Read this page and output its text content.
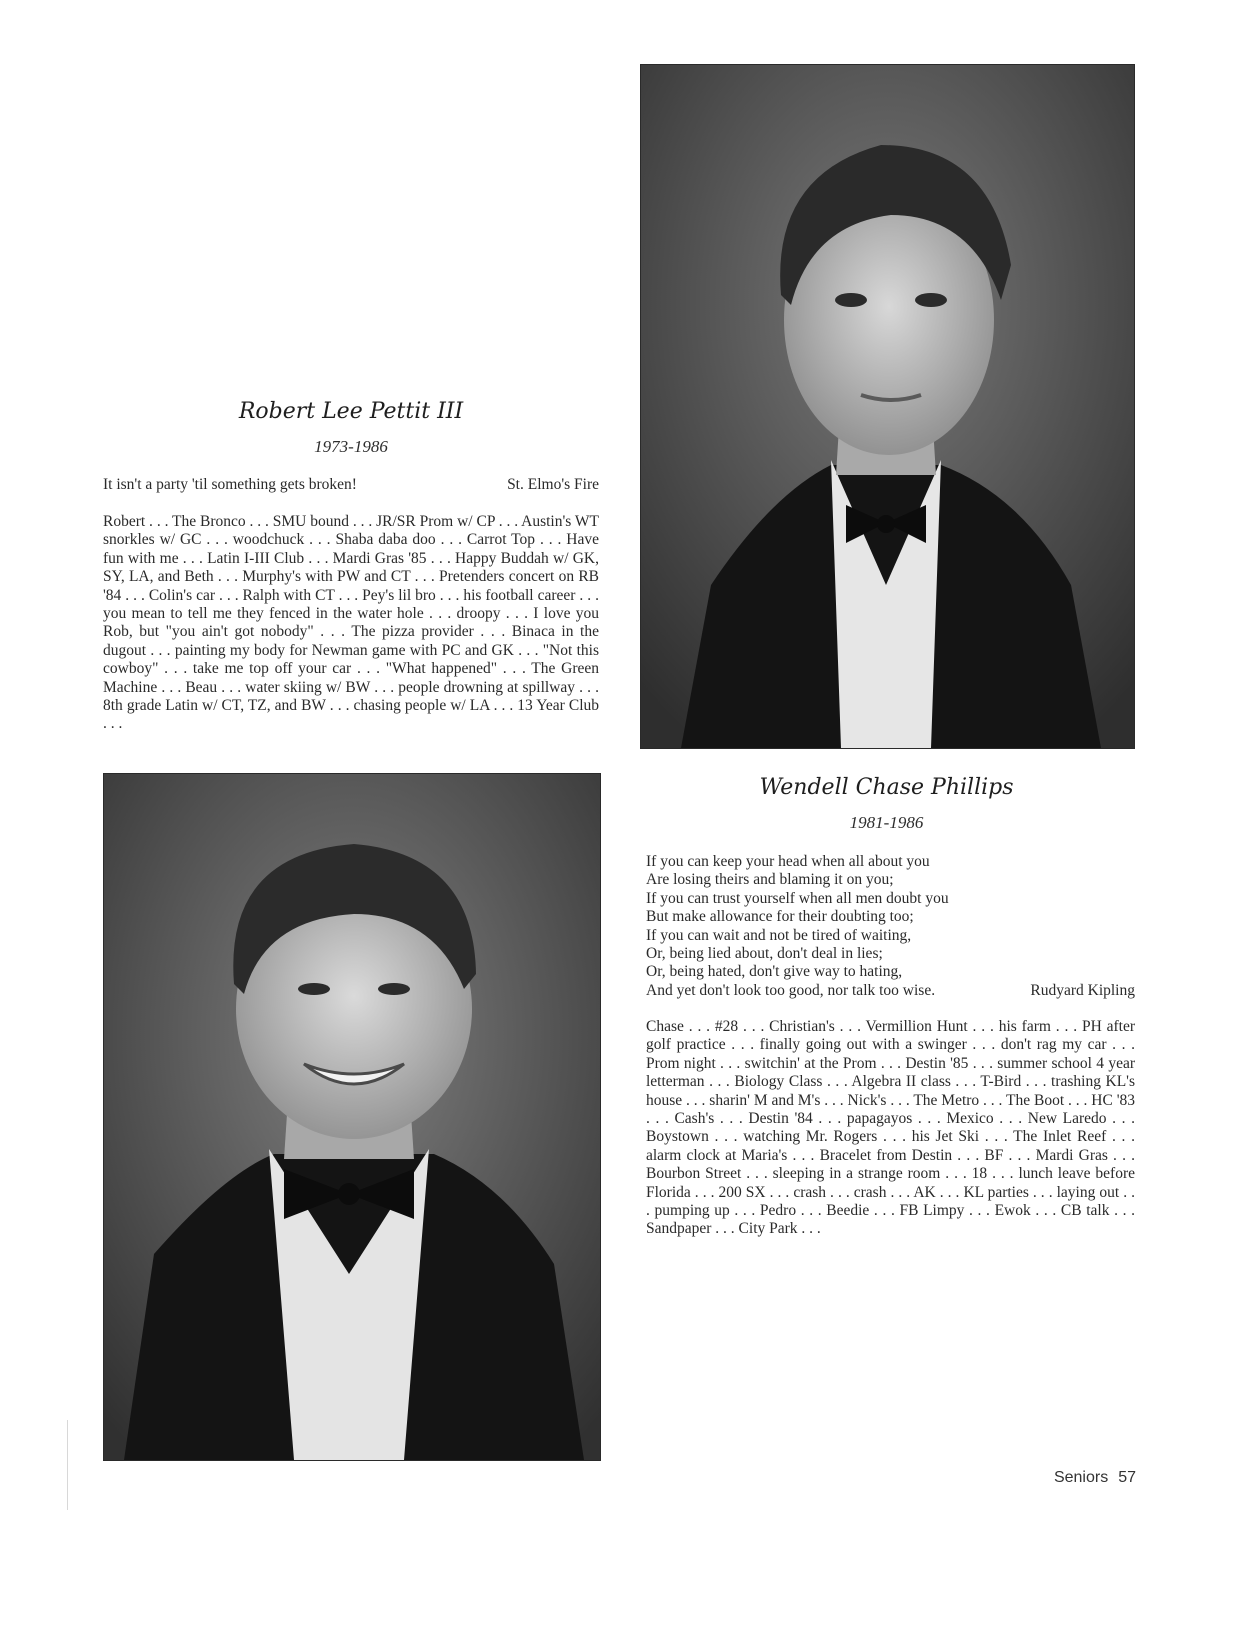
Robert Lee Pettit III
1973-1986
It isn't a party 'til something gets broken!	St. Elmo's Fire
Robert . . . The Bronco . . . SMU bound . . . JR/SR Prom w/ CP . . . Austin's WT snorkles w/ GC . . . woodchuck . . . Shaba daba doo . . . Carrot Top . . . Have fun with me . . . Latin I-III Club . . . Mardi Gras '85 . . . Happy Buddah w/ GK, SY, LA, and Beth . . . Murphy's with PW and CT . . . Pretenders concert on RB '84 . . . Colin's car . . . Ralph with CT . . . Pey's lil bro . . . his football career . . . you mean to tell me they fenced in the water hole . . . droopy . . . I love you Rob, but "you ain't got nobody" . . . The pizza provider . . . Binaca in the dugout . . . painting my body for Newman game with PC and GK . . . "Not this cowboy" . . . take me top off your car . . . "What happened" . . . The Green Machine . . . Beau . . . water skiing w/ BW . . . people drowning at spillway . . . 8th grade Latin w/ CT, TZ, and BW . . . chasing people w/ LA . . . 13 Year Club . . .
Wendell Chase Phillips
1981-1986
If you can keep your head when all about you
Are losing theirs and blaming it on you;
If you can trust yourself when all men doubt you
But make allowance for their doubting too;
If you can wait and not be tired of waiting,
Or, being lied about, don't deal in lies;
Or, being hated, don't give way to hating,
And yet don't look too good, nor talk too wise.	Rudyard Kipling
Chase . . . #28 . . . Christian's . . . Vermillion Hunt . . . his farm . . . PH after golf practice . . . finally going out with a swinger . . . don't rag my car . . . Prom night . . . switchin' at the Prom . . . Destin '85 . . . summer school 4 year letterman . . . Biology Class . . . Algebra II class . . . T-Bird . . . trashing KL's house . . . sharin' M and M's . . . Nick's . . . The Metro . . . The Boot . . . HC '83 . . . Cash's . . . Destin '84 . . . papagayos . . . Mexico . . . New Laredo . . . Boystown . . . watching Mr. Rogers . . . his Jet Ski . . . The Inlet Reef . . . alarm clock at Maria's . . . Bracelet from Destin . . . BF . . . Mardi Gras . . . Bourbon Street . . . sleeping in a strange room . . . 18 . . . lunch leave before Florida . . . 200 SX . . . crash . . . crash . . . AK . . . KL parties . . . laying out . . . pumping up . . . Pedro . . . Beedie . . . FB Limpy . . . Ewok . . . CB talk . . . Sandpaper . . . City Park . . .
Seniors 57
